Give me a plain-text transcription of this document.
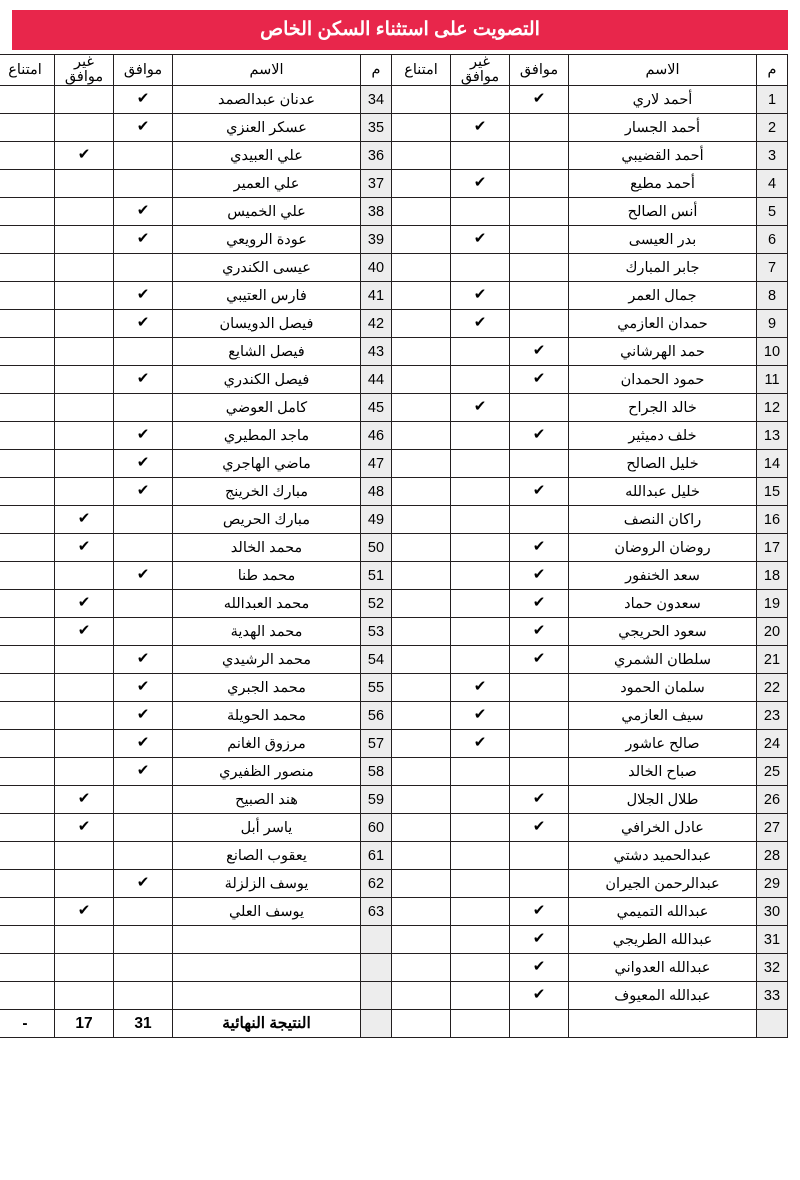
التصويت على استثناء السكن الخاص
م	الاسم	موافق	غير موافق	امتناع	م	الاسم	موافق	غير موافق	امتناع
1	أحمد لاري	✔			34	عدنان عبدالصمد	✔		
2	أحمد الجسار		✔		35	عسكر العنزي	✔		
3	أحمد القضيبي				36	علي العبيدي		✔	
4	أحمد مطيع		✔		37	علي العمير			
5	أنس الصالح				38	علي الخميس	✔		
6	بدر العيسى		✔		39	عودة الرويعي	✔		
7	جابر المبارك				40	عيسى الكندري			
8	جمال العمر		✔		41	فارس العتيبي	✔		
9	حمدان العازمي		✔		42	فيصل الدويسان	✔		
10	حمد الهرشاني	✔			43	فيصل الشايع			
11	حمود الحمدان	✔			44	فيصل الكندري	✔		
12	خالد الجراح		✔		45	كامل العوضي			
13	خلف دميثير	✔			46	ماجد المطيري	✔		
14	خليل الصالح				47	ماضي الهاجري	✔		
15	خليل عبدالله	✔			48	مبارك الخرينج	✔		
16	راكان النصف				49	مبارك الحريص		✔	
17	روضان الروضان	✔			50	محمد الخالد		✔	
18	سعد الخنفور	✔			51	محمد طنا	✔		
19	سعدون حماد	✔			52	محمد العبدالله		✔	
20	سعود الحريجي	✔			53	محمد الهدية		✔	
21	سلطان الشمري	✔			54	محمد الرشيدي	✔		
22	سلمان الحمود		✔		55	محمد الجبري	✔		
23	سيف العازمي		✔		56	محمد الحويلة	✔		
24	صالح عاشور		✔		57	مرزوق الغانم	✔		
25	صباح الخالد				58	منصور الظفيري	✔		
26	طلال الجلال	✔			59	هند الصبيح		✔	
27	عادل الخرافي	✔			60	ياسر أبل		✔	
28	عبدالحميد دشتي				61	يعقوب الصانع			
29	عبدالرحمن الجيران				62	يوسف الزلزلة	✔		
30	عبدالله التميمي	✔			63	يوسف العلي		✔	
31	عبدالله الطريجي	✔							
32	عبدالله العدواني	✔							
33	عبدالله المعيوف	✔							
						النتيجة النهائية	31	17	-
